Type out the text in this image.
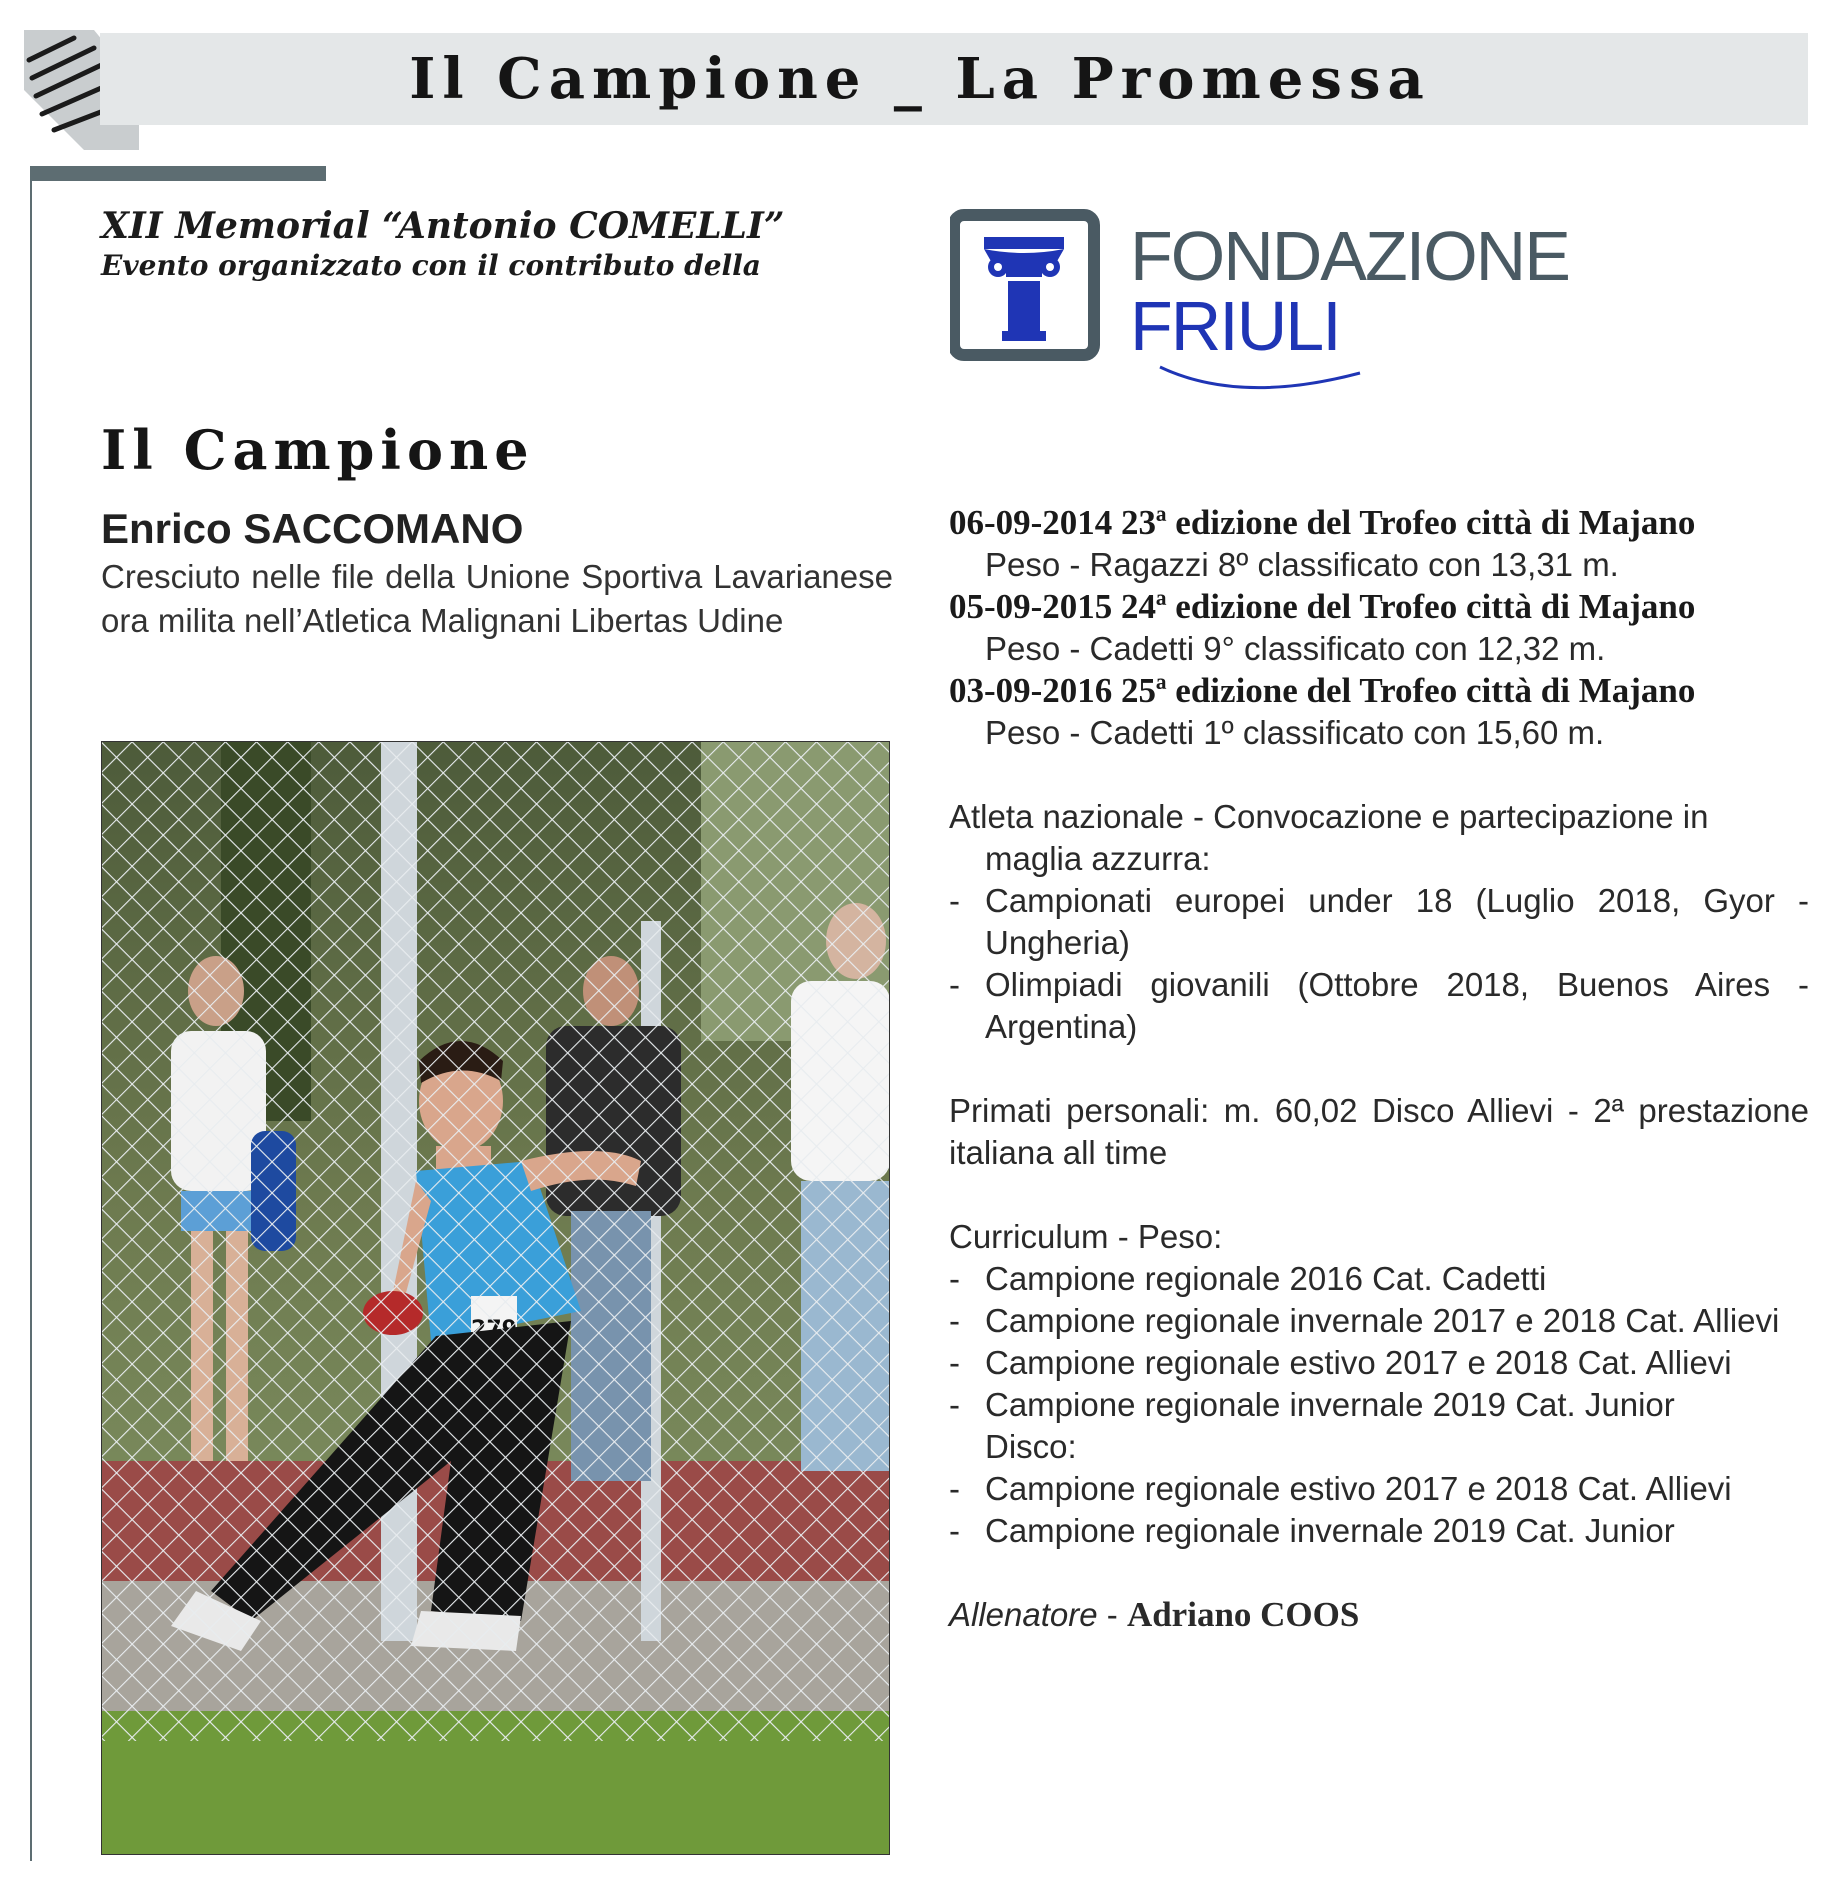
Il Campione _ La Promessa
XII Memorial “Antonio COMELLI”
Evento organizzato con il contributo della	FONDAZIONE
FRIULI
Il Campione
Enrico SACCOMANO
Cresciuto nelle file della Unione Sportiva Lavarianese ora milita nell’Atletica Malignani Libertas Udine
06-09-2014 23ª edizione del Trofeo città di Majano
Peso - Ragazzi 8º classificato con 13,31 m.
05-09-2015 24ª edizione del Trofeo città di Majano
Peso - Cadetti 9° classificato con 12,32 m.
03-09-2016 25ª edizione del Trofeo città di Majano
Peso - Cadetti 1º classificato con 15,60 m.
Atleta nazionale - Convocazione e partecipazione in
maglia azzurra:
- Campionati europei under 18 (Luglio 2018, Gyor - Ungheria)
- Olimpiadi giovanili (Ottobre 2018, Buenos Aires - Argentina)
Primati personali: m. 60,02 Disco Allievi - 2ª prestazione italiana all time
Curriculum - Peso:
- Campione regionale 2016 Cat. Cadetti
- Campione regionale invernale 2017 e 2018 Cat. Allievi
- Campione regionale estivo 2017 e 2018 Cat. Allievi
- Campione regionale invernale 2019 Cat. Junior
Disco:
- Campione regionale estivo 2017 e 2018 Cat. Allievi
- Campione regionale invernale 2019 Cat. Junior
Allenatore - Adriano COOS
